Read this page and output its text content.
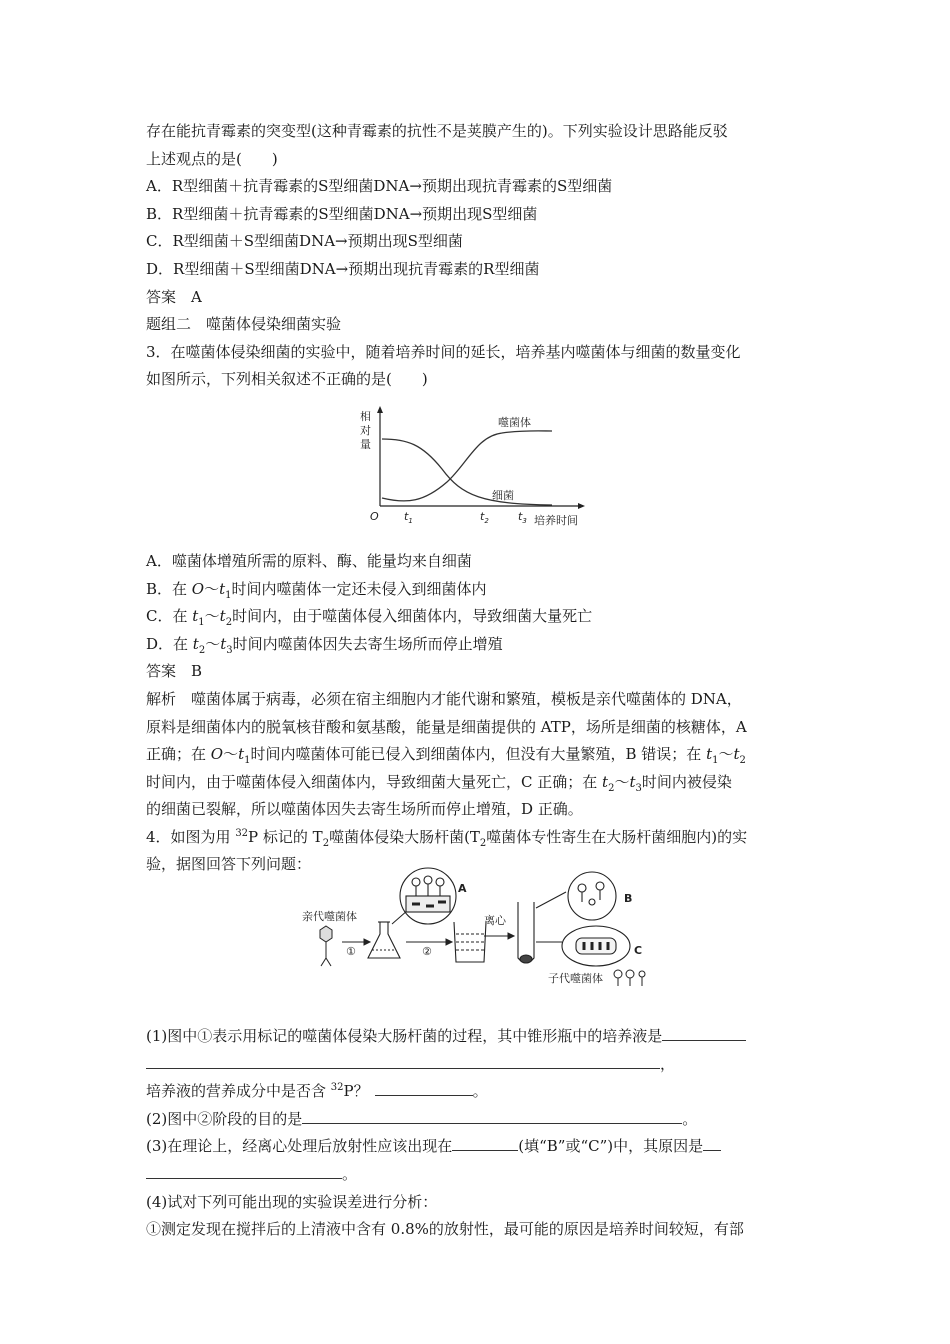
存在能抗青霉素的突变型(这种青霉素的抗性不是荚膜产生的)。下列实验设计思路能反驳
上述观点的是(　　)
A．R型细菌＋抗青霉素的S型细菌DNA→预期出现抗青霉素的S型细菌
B．R型细菌＋抗青霉素的S型细菌DNA→预期出现S型细菌
C．R型细菌＋S型细菌DNA→预期出现S型细菌
D．R型细菌＋S型细菌DNA→预期出现抗青霉素的R型细菌
答案　A
题组二　噬菌体侵染细菌实验
3．在噬菌体侵染细菌的实验中，随着培养时间的延长，培养基内噬菌体与细菌的数量变化
如图所示，下列相关叙述不正确的是(　　)
A．噬菌体增殖所需的原料、酶、能量均来自细菌
B．在 $O\sim t_1$时间内噬菌体一定还未侵入到细菌体内
C．在 $t_1\sim t_2$时间内，由于噬菌体侵入细菌体内，导致细菌大量死亡
D．在 $t_2\sim t_3$时间内噬菌体因失去寄生场所而停止增殖
答案　B
解析　噬菌体属于病毒，必须在宿主细胞内才能代谢和繁殖，模板是亲代噬菌体的 DNA，
原料是细菌体内的脱氧核苷酸和氨基酸，能量是细菌提供的 ATP，场所是细菌的核糖体，A
正确；在 $O\sim t_1$时间内噬菌体可能已侵入到细菌体内，但没有大量繁殖，B 错误；在 $t_1\sim t_2$
时间内，由于噬菌体侵入细菌体内，导致细菌大量死亡，C 正确；在 $t_2\sim t_3$时间内被侵染
的细菌已裂解，所以噬菌体因失去寄生场所而停止增殖，D 正确。
4．如图为用 $^{32}$P 标记的 $T_2$噬菌体侵染大肠杆菌($T_2$噬菌体专性寄生在大肠杆菌细胞内)的实
验，据图回答下列问题：
(1)图中①表示用标记的噬菌体侵染大肠杆菌的过程，其中锥形瓶中的培养液是
，
培养液的营养成分中是否含 $^{32}$P？	。
(2)图中②阶段的目的是	。
(3)在理论上，经离心处理后放射性应该出现在	(填“B”或“C”)中，其原因是
。
(4)试对下列可能出现的实验误差进行分析：
①测定发现在搅拌后的上清液中含有 0.8%的放射性，最可能的原因是培养时间较短，有部
相
对
量
O	培养时间
噬菌体
细菌
$t_1$	$t_2$	$t_3$
亲代噬菌体
①	②
离心
A
B
C
子代噬菌体
